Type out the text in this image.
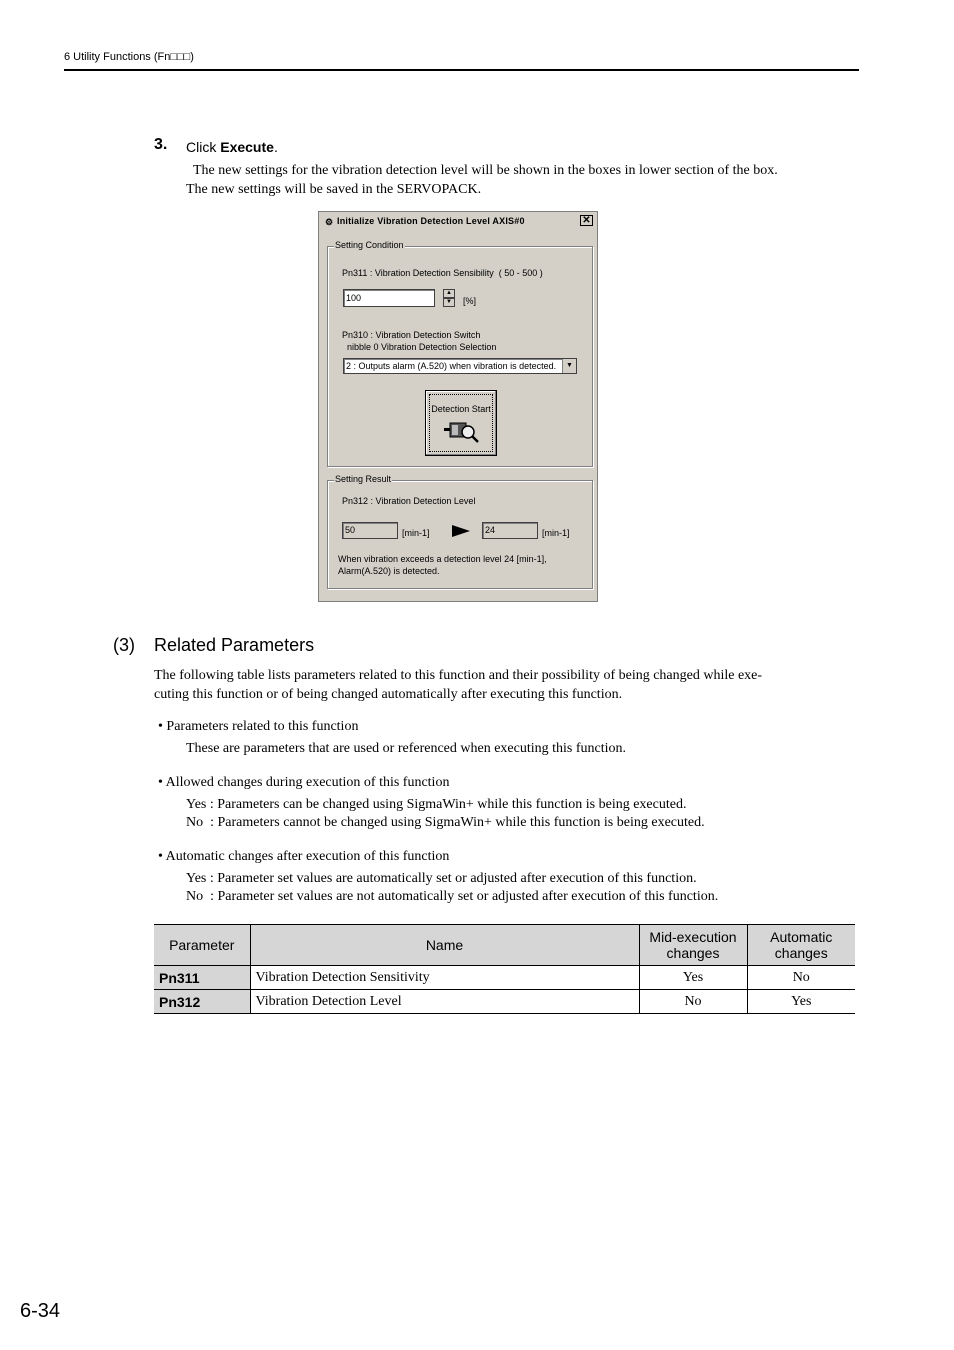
6 Utility Functions (Fn□□□)
3. Click Execute.
The new settings for the vibration detection level will be shown in the boxes in lower section of the box.
The new settings will be saved in the SERVOPACK.
⚙ Initialize Vibration Detection Level AXIS#0	✕
Setting Condition
Pn311 : Vibration Detection Sensibility  ( 50 - 500 )
100	▲
▼	[%]
Pn310 : Vibration Detection Switch
nibble 0 Vibration Detection Selection
2 : Outputs alarm (A.520) when vibration is detected.	▼
Detection Start
Setting Result
Pn312 : Vibration Detection Level
50	[min-1]	24	[min-1]
When vibration exceeds a detection level 24 [min-1],
Alarm(A.520) is detected.
(3) Related Parameters
The following table lists parameters related to this function and their possibility of being changed while exe-
cuting this function or of being changed automatically after executing this function.
• Parameters related to this function
These are parameters that are used or referenced when executing this function.
• Allowed changes during execution of this function
Yes : Parameters can be changed using SigmaWin+ while this function is being executed.
No  : Parameters cannot be changed using SigmaWin+ while this function is being executed.
• Automatic changes after execution of this function
Yes : Parameter set values are automatically set or adjusted after execution of this function.
No  : Parameter set values are not automatically set or adjusted after execution of this function.
Parameter	Name	Mid-execution changes	Automatic changes
Pn311	Vibration Detection Sensitivity	Yes	No
Pn312	Vibration Detection Level	No	Yes
6-34
